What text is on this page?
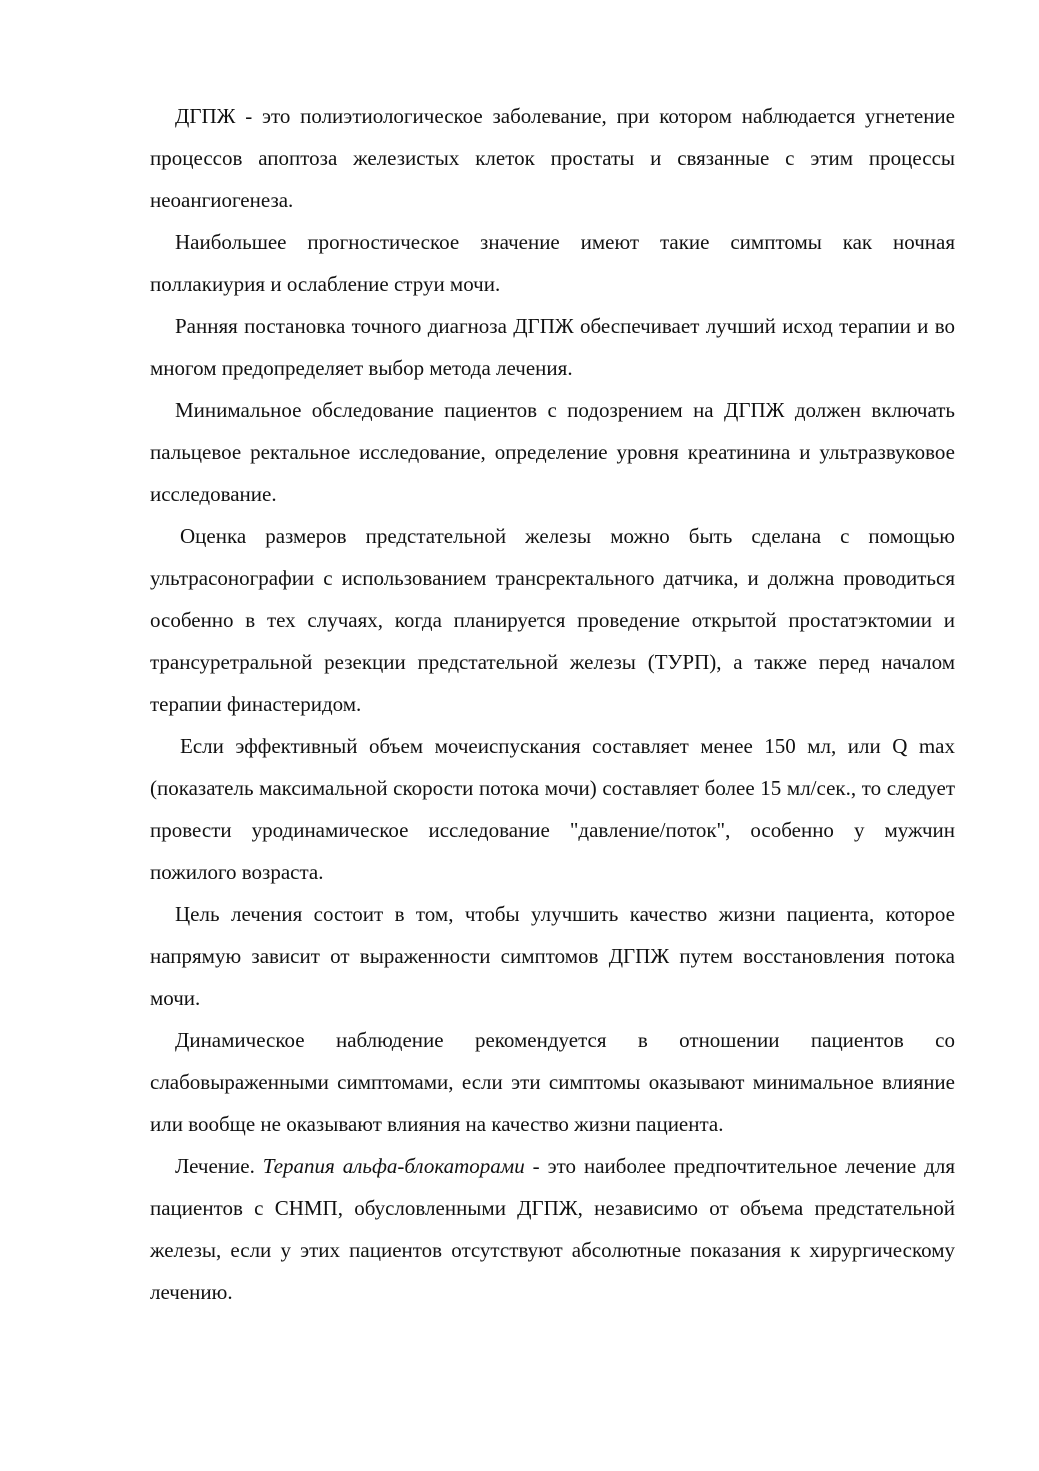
ДГПЖ - это полиэтиологическое заболевание, при котором наблюдается угнетение процессов апоптоза железистых клеток простаты и связанные с этим процессы неоангиогенеза.

Наибольшее прогностическое значение имеют такие симптомы как ночная поллакиурия и ослабление струи мочи.

Ранняя постановка точного диагноза ДГПЖ обеспечивает лучший исход терапии и во многом предопределяет выбор метода лечения.

Минимальное обследование пациентов с подозрением на ДГПЖ должен включать пальцевое ректальное исследование, определение уровня креатинина и ультразвуковое исследование.

Оценка размеров предстательной железы можно быть сделана с помощью ультрасонографии с использованием трансректального датчика, и должна проводиться особенно в тех случаях, когда планируется проведение открытой простатэктомии и трансуретральной резекции предстательной железы (ТУРП), а также перед началом терапии финастеридом.

Если эффективный объем мочеиспускания составляет менее 150 мл, или Q max (показатель максимальной скорости потока мочи) составляет более 15 мл/сек., то следует провести уродинамическое исследование "давление/поток", особенно у мужчин пожилого возраста.

Цель лечения состоит в том, чтобы улучшить качество жизни пациента, которое напрямую зависит от выраженности симптомов ДГПЖ путем восстановления потока мочи.

Динамическое наблюдение рекомендуется в отношении пациентов со слабовыраженными симптомами, если эти симптомы оказывают минимальное влияние или вообще не оказывают влияния на качество жизни пациента.

Лечение. Терапия альфа-блокаторами - это наиболее предпочтительное лечение для пациентов с СНМП, обусловленными ДГПЖ, независимо от объема предстательной железы, если у этих пациентов отсутствуют абсолютные показания к хирургическому лечению.
